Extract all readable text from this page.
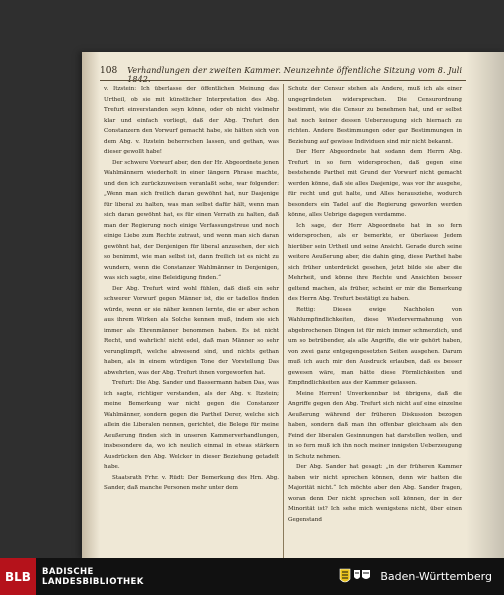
108 Verhandlungen der zweiten Kammer. Neunzehnte öffentliche Sitzung vom 8. Juli 1842.

v. Itzstein: Ich überlasse der öffentlichen Meinung das Urtheil, ob sie mit künstlicher Interpretation des Abg. Trefurt einverstanden seyn könne, oder ob nicht vielmehr klar und einfach vorliegt, daß der Abg. Trefurt den Constanzern den Vorwurf gemacht habe, sie hätten sich von dem Abg. v. Itzstein beherrschen lassen, und gethan, was dieser gewollt habe!

Der schwere Vorwurf aber, den der Hr. Abgeordnete jenen Wahlmännern wiederholt in einer längern Phrase machte, und den ich zurückzuweisen veranlaßt sehe, war folgender: „Wenn man sich freilich daran gewöhnt hat, nur Dasjenige für liberal zu halten, was man selbst dafür hält, wenn man sich daran gewöhnt hat, es für einen Verrath zu halten, daß man der Regierung noch einige Verfassungstreue und noch einige Liebe zum Rechte zutraut, und wenn man sich daran gewöhnt hat, der Denjenigen für liberal anzusehen, der sich so benimmt, wie man selbst ist, dann freilich ist es nicht zu wundern, wenn die Constanzer Wahlmänner in Denjenigen, was sich sagte, eine Beleidigung finden.“

Der Abg. Trefurt wird wohl fühlen, daß dieß ein sehr schwerer Vorwurf gegen Männer ist, die er tadellos finden würde, wenn er sie näher kennen lernte, die er aber schon aus ihrem Wirken als Solche kennen muß, indem sie sich immer als Ehrenmänner benommen haben. Es ist nicht Recht, und wahrlich! nicht edel, daß man Männer so sehr verunglimpft, welche abwesend sind, und nichts gethan haben, als in einem würdigen Tone der Vorstellung Das abwehrten, was der Abg. Trefurt ihnen vorgeworfen hat.

Trefurt: Die Abg. Sander und Bassermann haben Das, was ich sagte, richtiger verstanden, als der Abg. v. Itzstein; meine Bemerkung war nicht gegen die Constanzer Wahlmänner, sondern gegen die Partheī Derer, welche sich allein die Liberalen nennen, gerichtet, die Belege für meine Aeußerung finden sich in unseren Kammerverhandlungen, insbesondere da, wo ich neulich einmal in etwas stärkern Ausdrücken den Abg. Welcker in dieser Beziehung getadelt habe.

Staatsrath Frhr. v. Rüdt: Der Bemerkung des Hrn. Abg. Sander, daß manche Personen mehr unter dem

Schutz der Censur stehen als Andere, muß ich als einer ungegründeten widersprechen. Die Censurordnung bestimmt, wie die Censur zu benehmen hat, und er selbst hat noch keiner dessen Ueberzeugung sich hiernach zu richten. Andere Bestimmungen oder gar Bestimmungen in Beziehung auf gewisse Individuen sind mir nicht bekannt.

Der Herr Abgeordnete hat sodann dem Herrn Abg. Trefurt in so fern widersprochen, daß gegen eine bestehende Partheī mit Grund der Vorwurf nicht gemacht werden könne, daß sie alles Dasjenige, was vor ihr ausgehe, für recht und gut halte, und Alles herausziehe, wodurch besonders ein Tadel auf die Regierung geworfen werden könne, alles Uebrige dagegen verdamme.

Ich sage, der Herr Abgeordnete hat in so fern widersprochen, als er bemerkte, er überlasse Jedem hierüber sein Urtheil und seine Ansicht. Gerade durch seine weitere Aeußerung aber, die dahin ging, diese Partheī habe sich früher unterdrückt gesehen, jetzt bilde sie aber die Mehrheit, und könne ihre Rechte und Ansichten besser geltend machen, als früher, scheint er mir die Bemerkung des Herrn Abg. Trefurt bestätigt zu haben.

Rettig: Dieses ewige Nachholen von Wahlumpfindlichkeiten, diese Wiedervermahnung von abgebrochenen Dingen ist für mich immer schmerzlich, und um so betrübender, als alle Angriffe, die wir gehört haben, von zwei ganz entgegengesetzten Seiten ausgehen. Darum muß ich auch mir den Ausdruck erlauben, daß es besser gewesen wäre, man hätte diese Förmlichkeiten und Empfindlichkeiten aus der Kammer gelassen.

Meine Herren! Unverkennbar ist übrigens, daß die Angriffe gegen den Abg. Trefurt sich nicht auf eine einzelne Aeußerung während der früheren Diskussion bezogen haben, sondern daß man ihn offenbar gleichsam als den Feind der liberalen Gesinnungen hat darstellen wollen, und in so fern muß ich ihn noch meiner innigsten Ueberzeugung in Schutz nehmen.

Der Abg. Sander hat gesagt: „in der früheren Kammer haben wir nicht sprechen können, denn wir hatten die Majorität nicht.“ Ich möchte aber den Abg. Sander fragen, woran denn Der nicht sprechen soll können, der in der Minorität ist? Ich sehe mich wenigstens nicht, über einen Gegenstand

BLB	BADISCHE
LANDESBIBLIOTHEK	Baden-Württemberg
